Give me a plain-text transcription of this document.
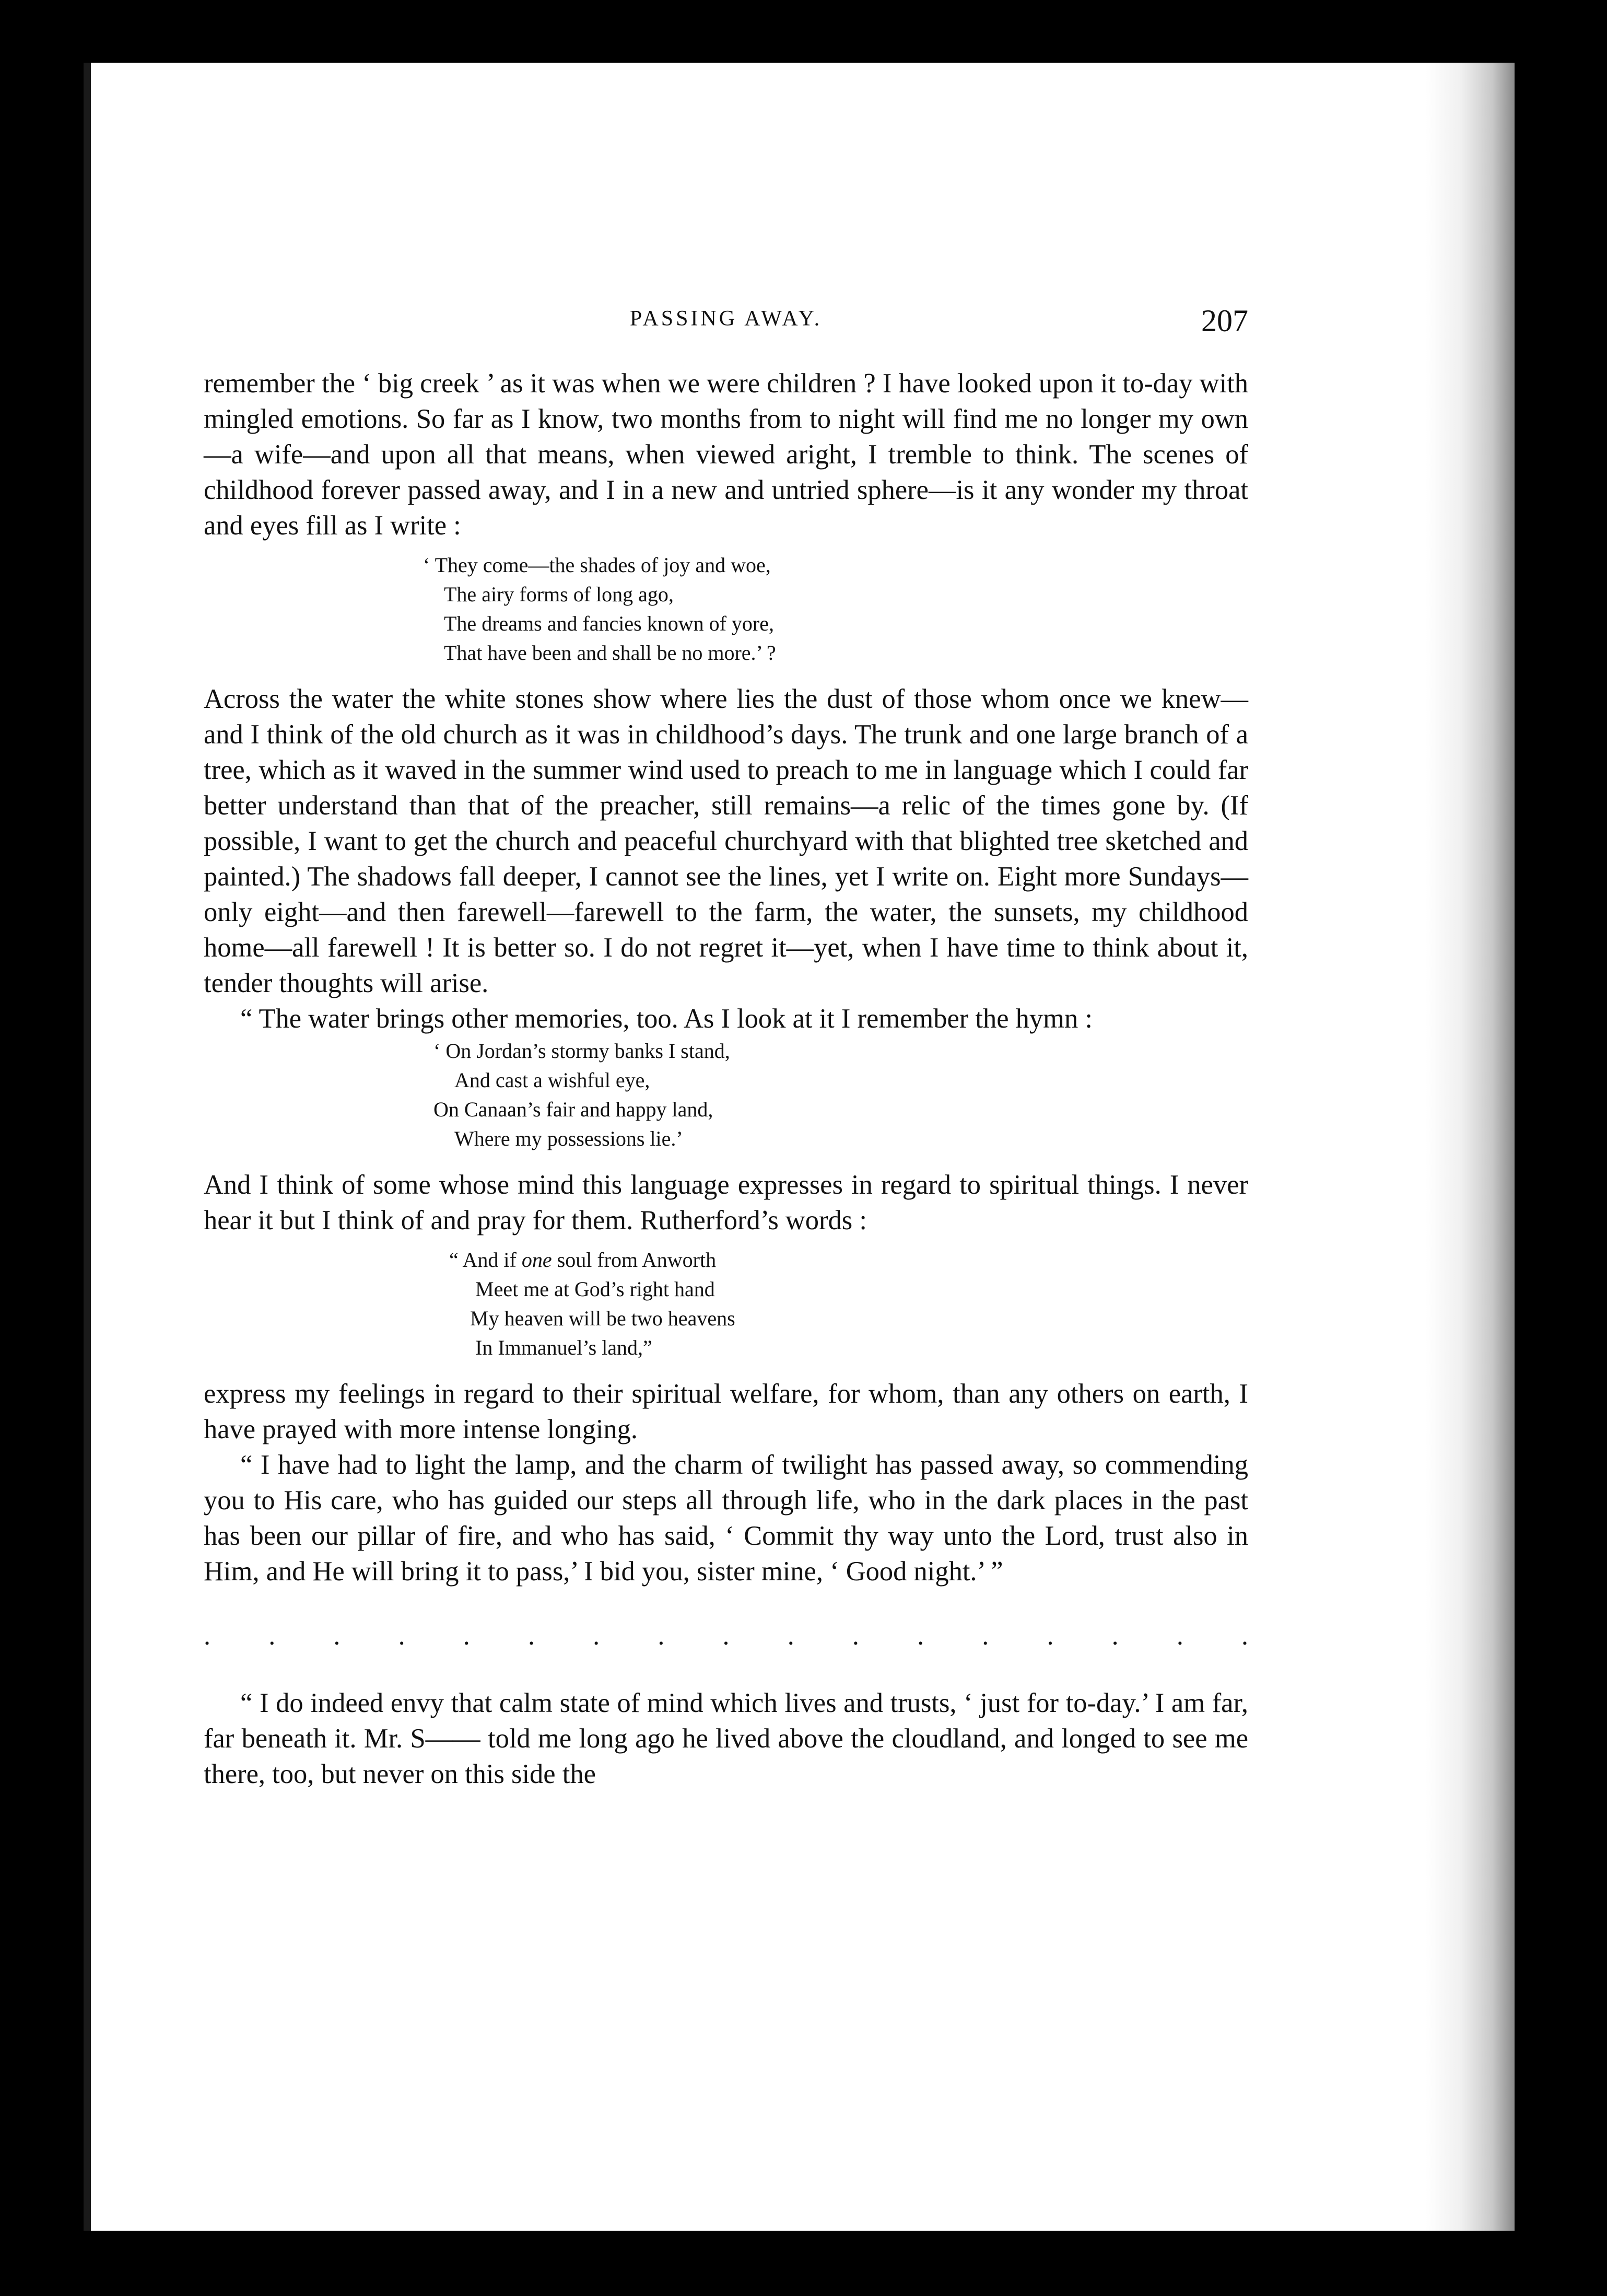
PASSING AWAY.	207

remember the ‘ big creek ’ as it was when we were children ? I have looked upon it to-day with mingled emotions. So far as I know, two months from to night will find me no longer my own—a wife—and upon all that means, when viewed aright, I tremble to think. The scenes of childhood forever passed away, and I in a new and untried sphere—is it any wonder my throat and eyes fill as I write :

‘ They come—the shades of joy and woe,
The airy forms of long ago,
The dreams and fancies known of yore,
That have been and shall be no more.’ ?

Across the water the white stones show where lies the dust of those whom once we knew—and I think of the old church as it was in childhood’s days. The trunk and one large branch of a tree, which as it waved in the summer wind used to preach to me in language which I could far better understand than that of the preacher, still remains—a relic of the times gone by. (If possible, I want to get the church and peaceful churchyard with that blighted tree sketched and painted.) The shadows fall deeper, I cannot see the lines, yet I write on. Eight more Sundays—only eight—and then farewell—farewell to the farm, the water, the sunsets, my childhood home—all farewell ! It is better so. I do not regret it—yet, when I have time to think about it, tender thoughts will arise.

“ The water brings other memories, too. As I look at it I remember the hymn :

‘ On Jordan’s stormy banks I stand,
And cast a wishful eye,
On Canaan’s fair and happy land,
Where my possessions lie.’

And I think of some whose mind this language expresses in regard to spiritual things. I never hear it but I think of and pray for them. Rutherford’s words :

“ And if one soul from Anworth
Meet me at God’s right hand
My heaven will be two heavens
In Immanuel’s land,”

express my feelings in regard to their spiritual welfare, for whom, than any others on earth, I have prayed with more intense longing.

“ I have had to light the lamp, and the charm of twilight has passed away, so commending you to His care, who has guided our steps all through life, who in the dark places in the past has been our pillar of fire, and who has said, ‘ Commit thy way unto the Lord, trust also in Him, and He will bring it to pass,’ I bid you, sister mine, ‘ Good night.’ ”

. . . . . . . . . . . . . . . . .

“ I do indeed envy that calm state of mind which lives and trusts, ‘ just for to-day.’ I am far, far beneath it. Mr. S—— told me long ago he lived above the cloudland, and longed to see me there, too, but never on this side the
